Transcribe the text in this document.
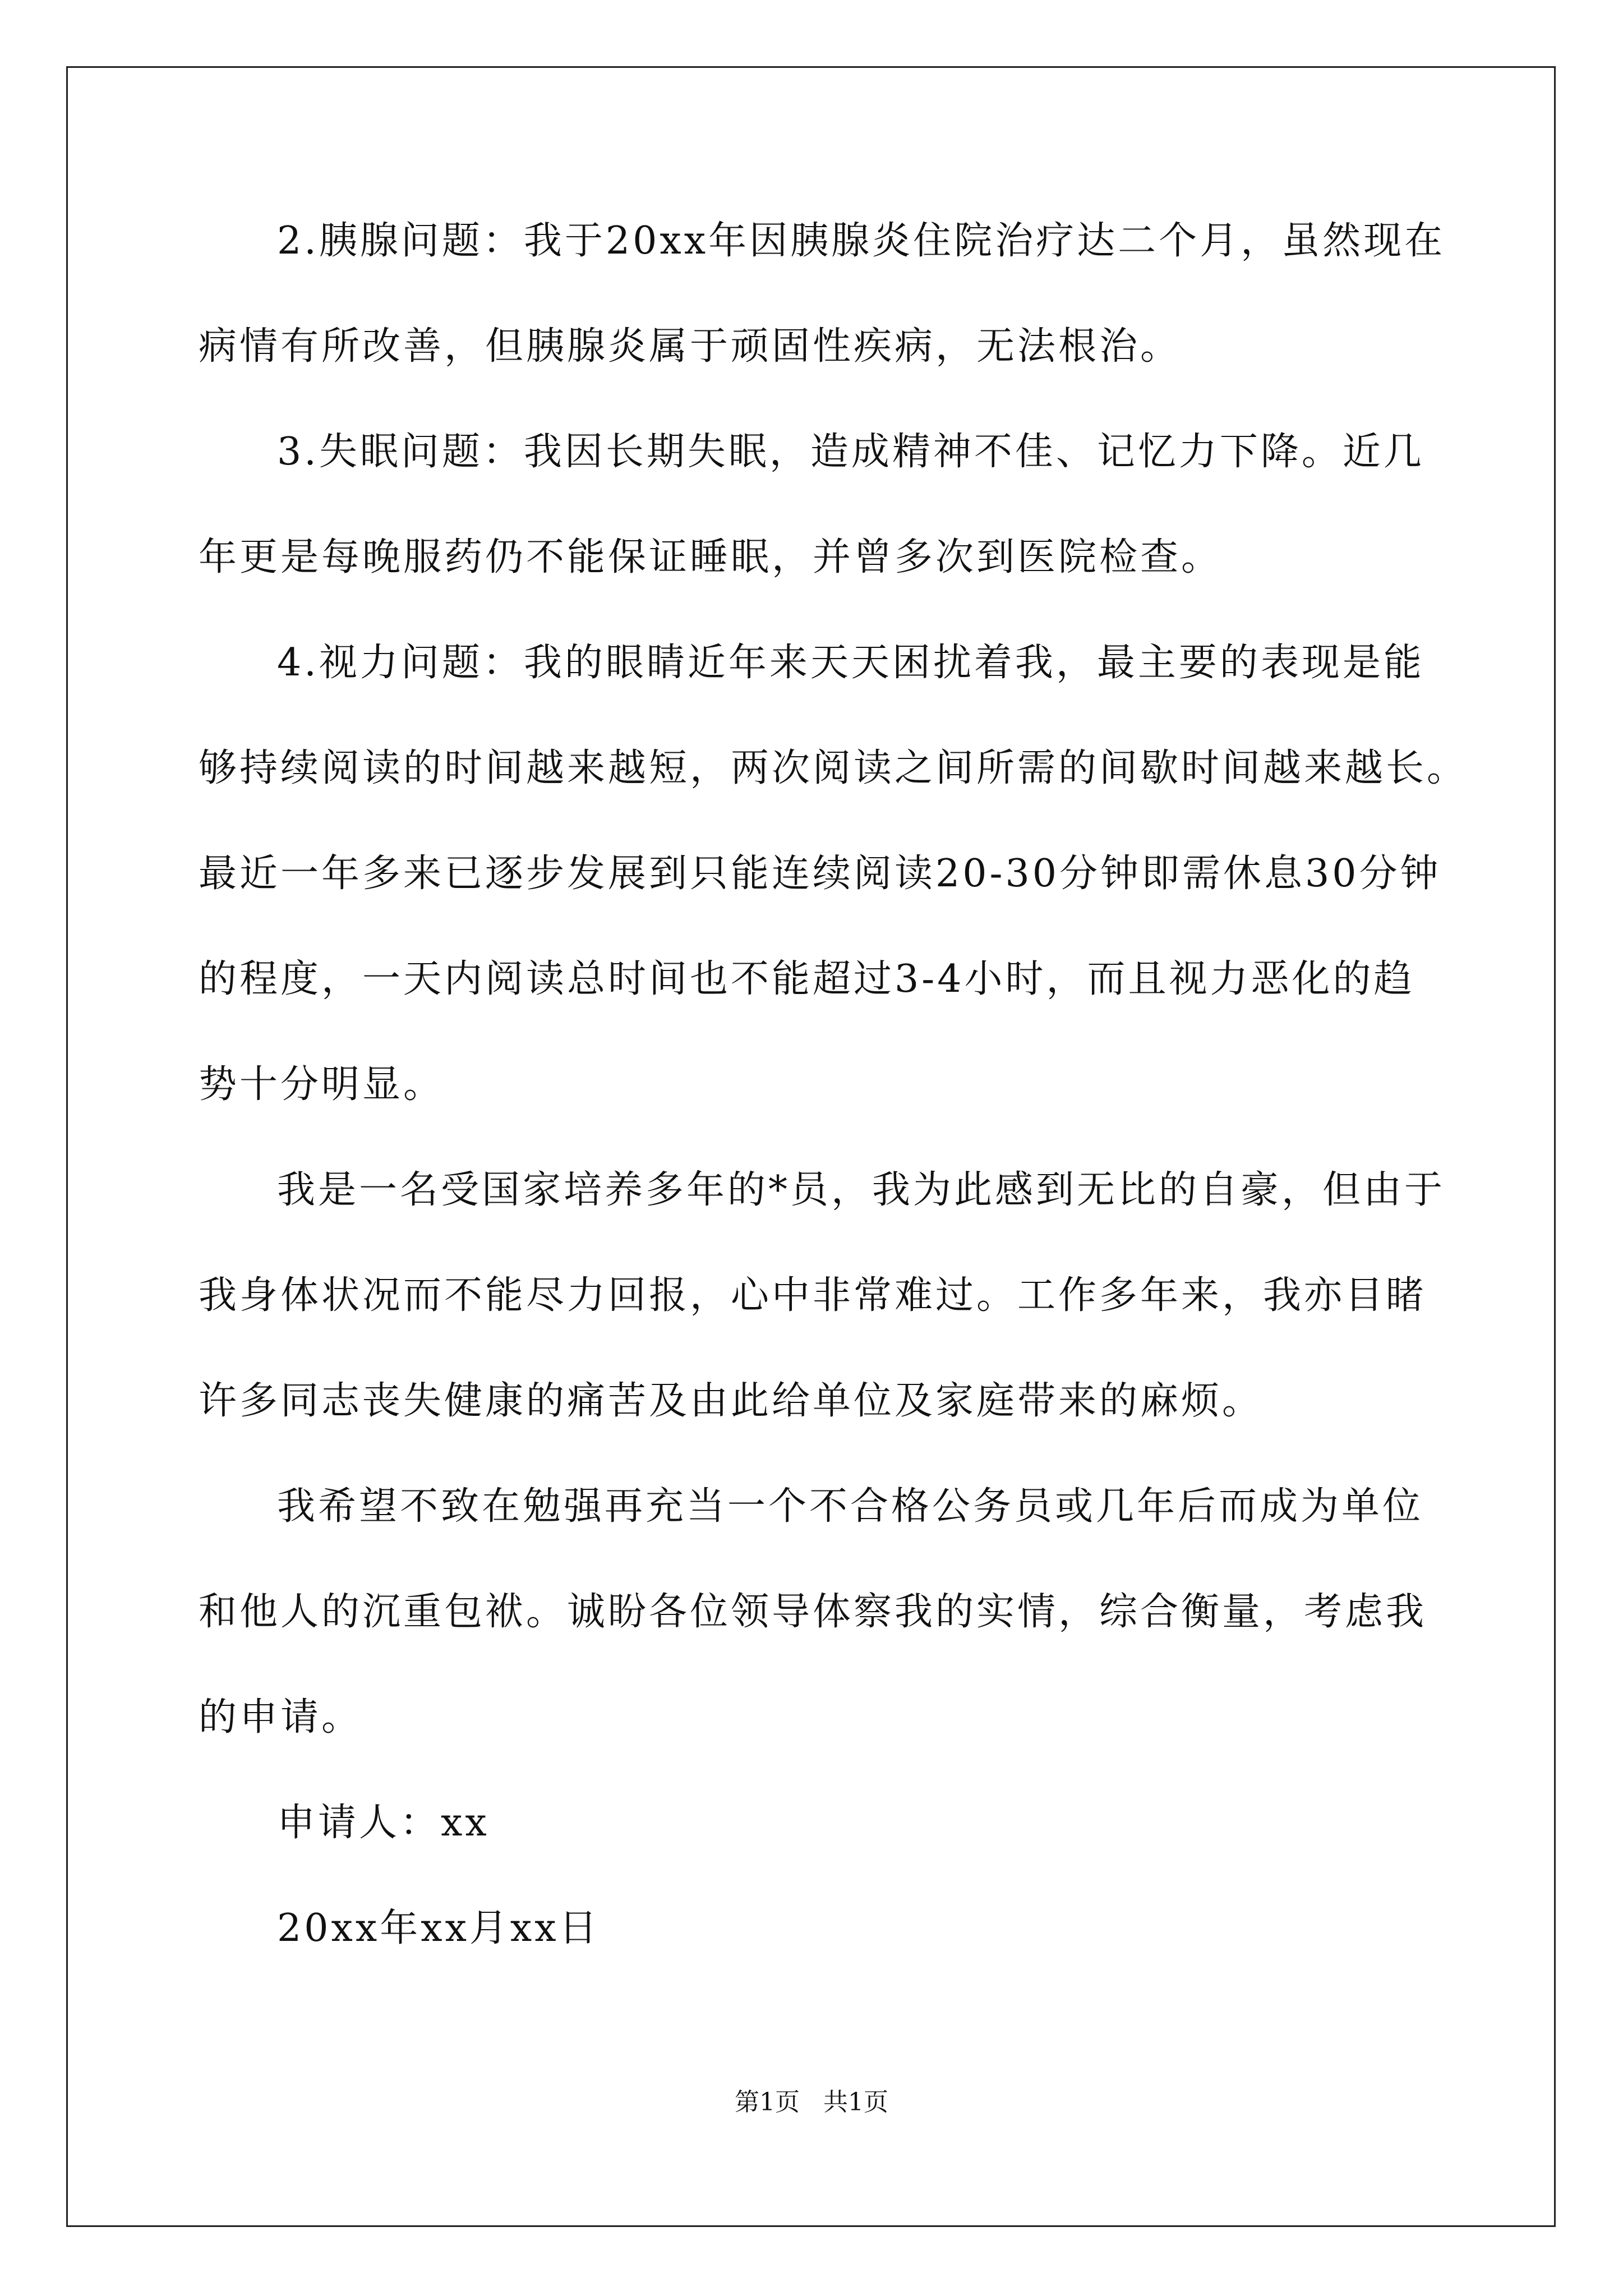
2.胰腺问题：我于20xx年因胰腺炎住院治疗达二个月，虽然现在
病情有所改善，但胰腺炎属于顽固性疾病，无法根治。
3.失眠问题：我因长期失眠，造成精神不佳、记忆力下降。近几
年更是每晚服药仍不能保证睡眠，并曾多次到医院检查。
4.视力问题：我的眼睛近年来天天困扰着我，最主要的表现是能
够持续阅读的时间越来越短，两次阅读之间所需的间歇时间越来越长。
最近一年多来已逐步发展到只能连续阅读20-30分钟即需休息30分钟
的程度，一天内阅读总时间也不能超过3-4小时，而且视力恶化的趋
势十分明显。
我是一名受国家培养多年的*员，我为此感到无比的自豪，但由于
我身体状况而不能尽力回报，心中非常难过。工作多年来，我亦目睹
许多同志丧失健康的痛苦及由此给单位及家庭带来的麻烦。
我希望不致在勉强再充当一个不合格公务员或几年后而成为单位
和他人的沉重包袱。诚盼各位领导体察我的实情，综合衡量，考虑我
的申请。
申请人：xx
20xx年xx月xx日
第1页   共1页
